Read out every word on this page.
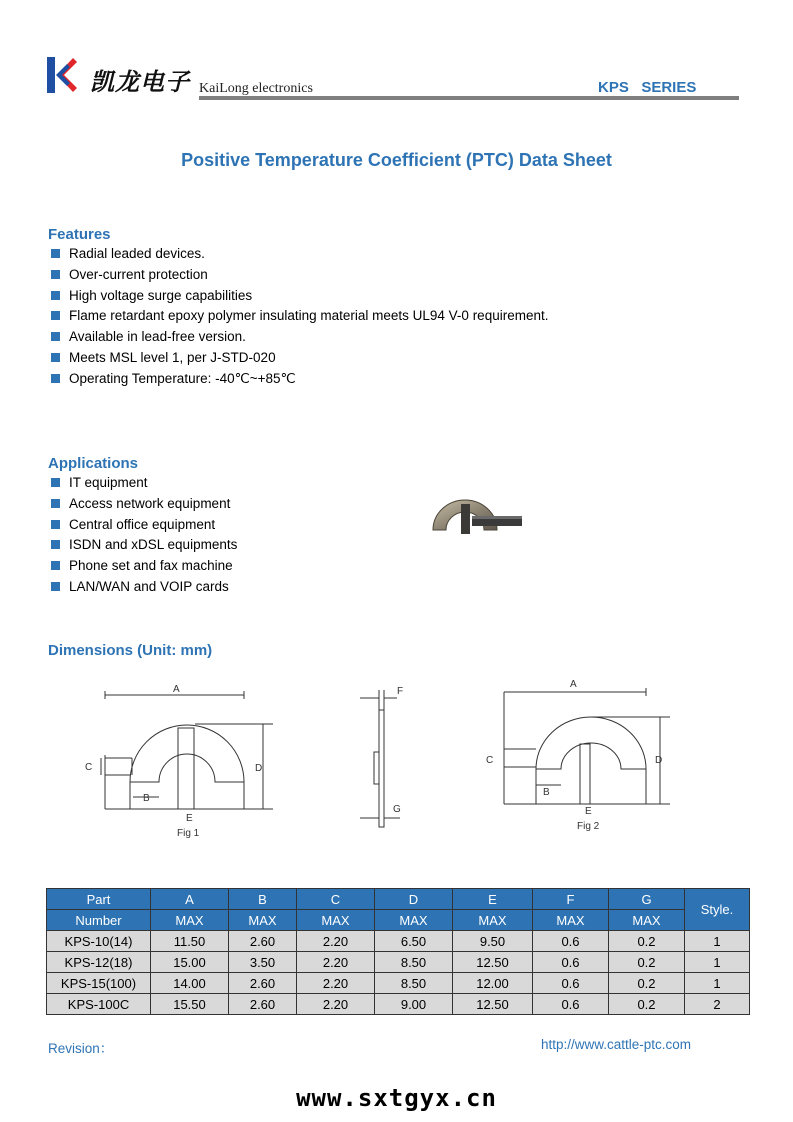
凯龙电子 KaiLong electronics	KPS   SERIES
Positive Temperature Coefficient (PTC) Data Sheet
Features
Radial leaded devices.
Over-current protection
High voltage surge capabilities
Flame retardant epoxy polymer insulating material meets UL94 V-0 requirement.
Available in lead-free version.
Meets MSL level 1, per J-STD-020
Operating Temperature: -40℃~+85℃
Applications
IT equipment
Access network equipment
Central office equipment
ISDN and xDSL equipments
Phone set and fax machine
LAN/WAN and VOIP cards
Dimensions (Unit: mm)
A
C	D
B
E
Fig 1
F
G
A
C	D
B
E
Fig 2
Part	A	B	C	D	E	F	G	Style.
Number	MAX	MAX	MAX	MAX	MAX	MAX	MAX	
KPS-10(14)	11.50	2.60	2.20	6.50	9.50	0.6	0.2	1
KPS-12(18)	15.00	3.50	2.20	8.50	12.50	0.6	0.2	1
KPS-15(100)	14.00	2.60	2.20	8.50	12.00	0.6	0.2	1
KPS-100C	15.50	2.60	2.20	9.00	12.50	0.6	0.2	2
Revision：	http://www.cattle-ptc.com
www.sxtgyx.cn
